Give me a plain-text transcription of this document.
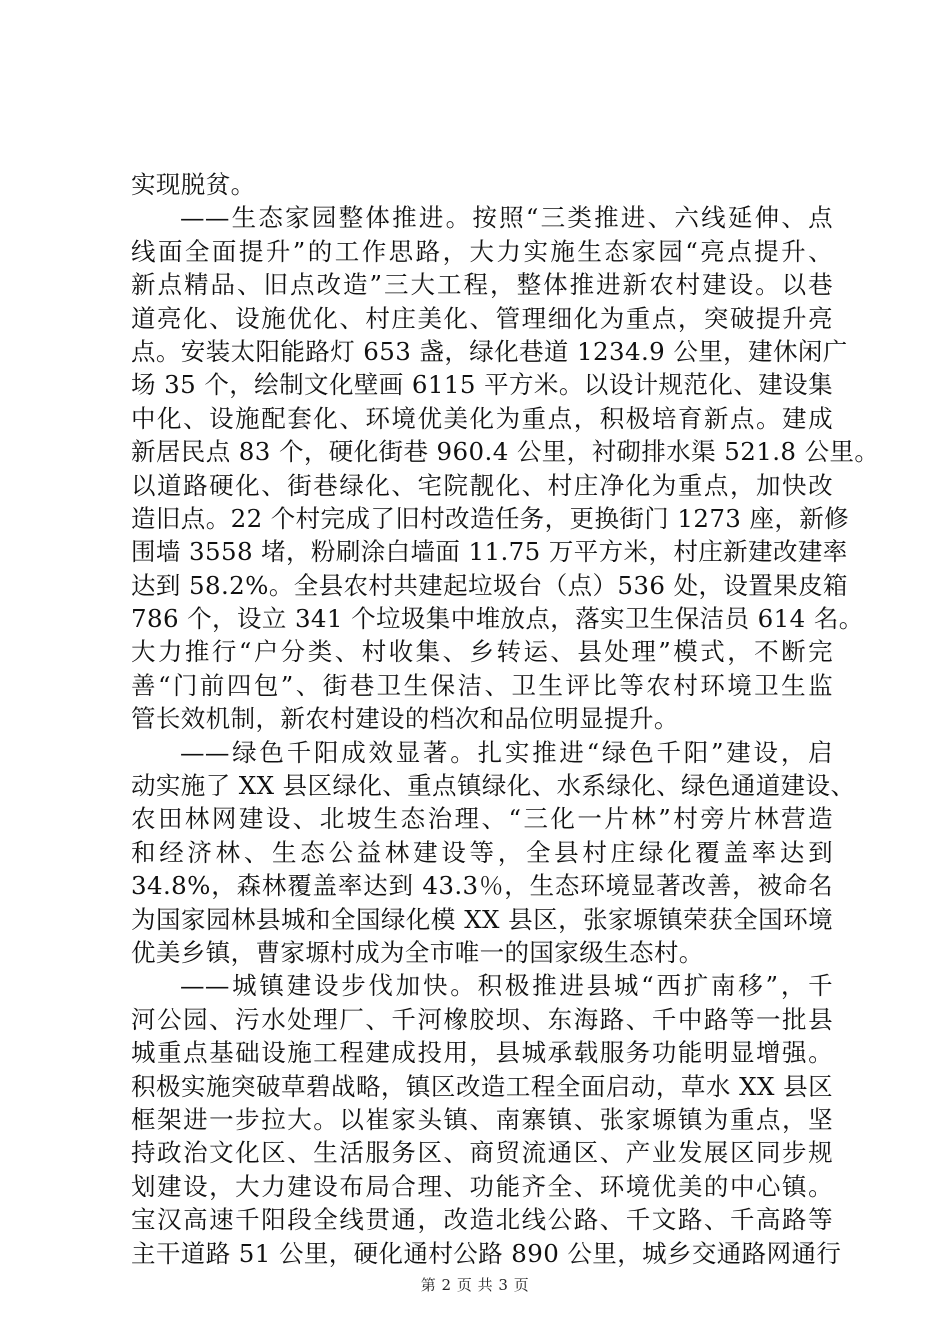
实现脱贫。
——生态家园整体推进。按照“三类推进、六线延伸、点
线面全面提升”的工作思路，大力实施生态家园“亮点提升、
新点精品、旧点改造”三大工程，整体推进新农村建设。以巷
道亮化、设施优化、村庄美化、管理细化为重点，突破提升亮
点。安装太阳能路灯 653 盏，绿化巷道 1234.9 公里，建休闲广
场 35 个，绘制文化壁画 6115 平方米。以设计规范化、建设集
中化、设施配套化、环境优美化为重点，积极培育新点。建成
新居民点 83 个，硬化街巷 960.4 公里，衬砌排水渠 521.8 公里。
以道路硬化、街巷绿化、宅院靓化、村庄净化为重点，加快改
造旧点。22 个村完成了旧村改造任务，更换街门 1273 座，新修
围墙 3558 堵，粉刷涂白墙面 11.75 万平方米，村庄新建改建率
达到 58.2%。全县农村共建起垃圾台（点）536 处，设置果皮箱
786 个，设立 341 个垃圾集中堆放点，落实卫生保洁员 614 名。
大力推行“户分类、村收集、乡转运、县处理”模式，不断完
善“门前四包”、街巷卫生保洁、卫生评比等农村环境卫生监
管长效机制，新农村建设的档次和品位明显提升。
——绿色千阳成效显著。扎实推进“绿色千阳”建设，启
动实施了 XX 县区绿化、重点镇绿化、水系绿化、绿色通道建设、
农田林网建设、北坡生态治理、“三化一片林”村旁片林营造
和经济林、生态公益林建设等，全县村庄绿化覆盖率达到
34.8%，森林覆盖率达到 43.3％，生态环境显著改善，被命名
为国家园林县城和全国绿化模 XX 县区，张家塬镇荣获全国环境
优美乡镇，曹家塬村成为全市唯一的国家级生态村。
——城镇建设步伐加快。积极推进县城“西扩南移”，千
河公园、污水处理厂、千河橡胶坝、东海路、千中路等一批县
城重点基础设施工程建成投用，县城承载服务功能明显增强。
积极实施突破草碧战略，镇区改造工程全面启动，草水 XX 县区
框架进一步拉大。以崔家头镇、南寨镇、张家塬镇为重点，坚
持政治文化区、生活服务区、商贸流通区、产业发展区同步规
划建设，大力建设布局合理、功能齐全、环境优美的中心镇。
宝汉高速千阳段全线贯通，改造北线公路、千文路、千高路等
主干道路 51 公里，硬化通村公路 890 公里，城乡交通路网通行
第 2 页 共 3 页
